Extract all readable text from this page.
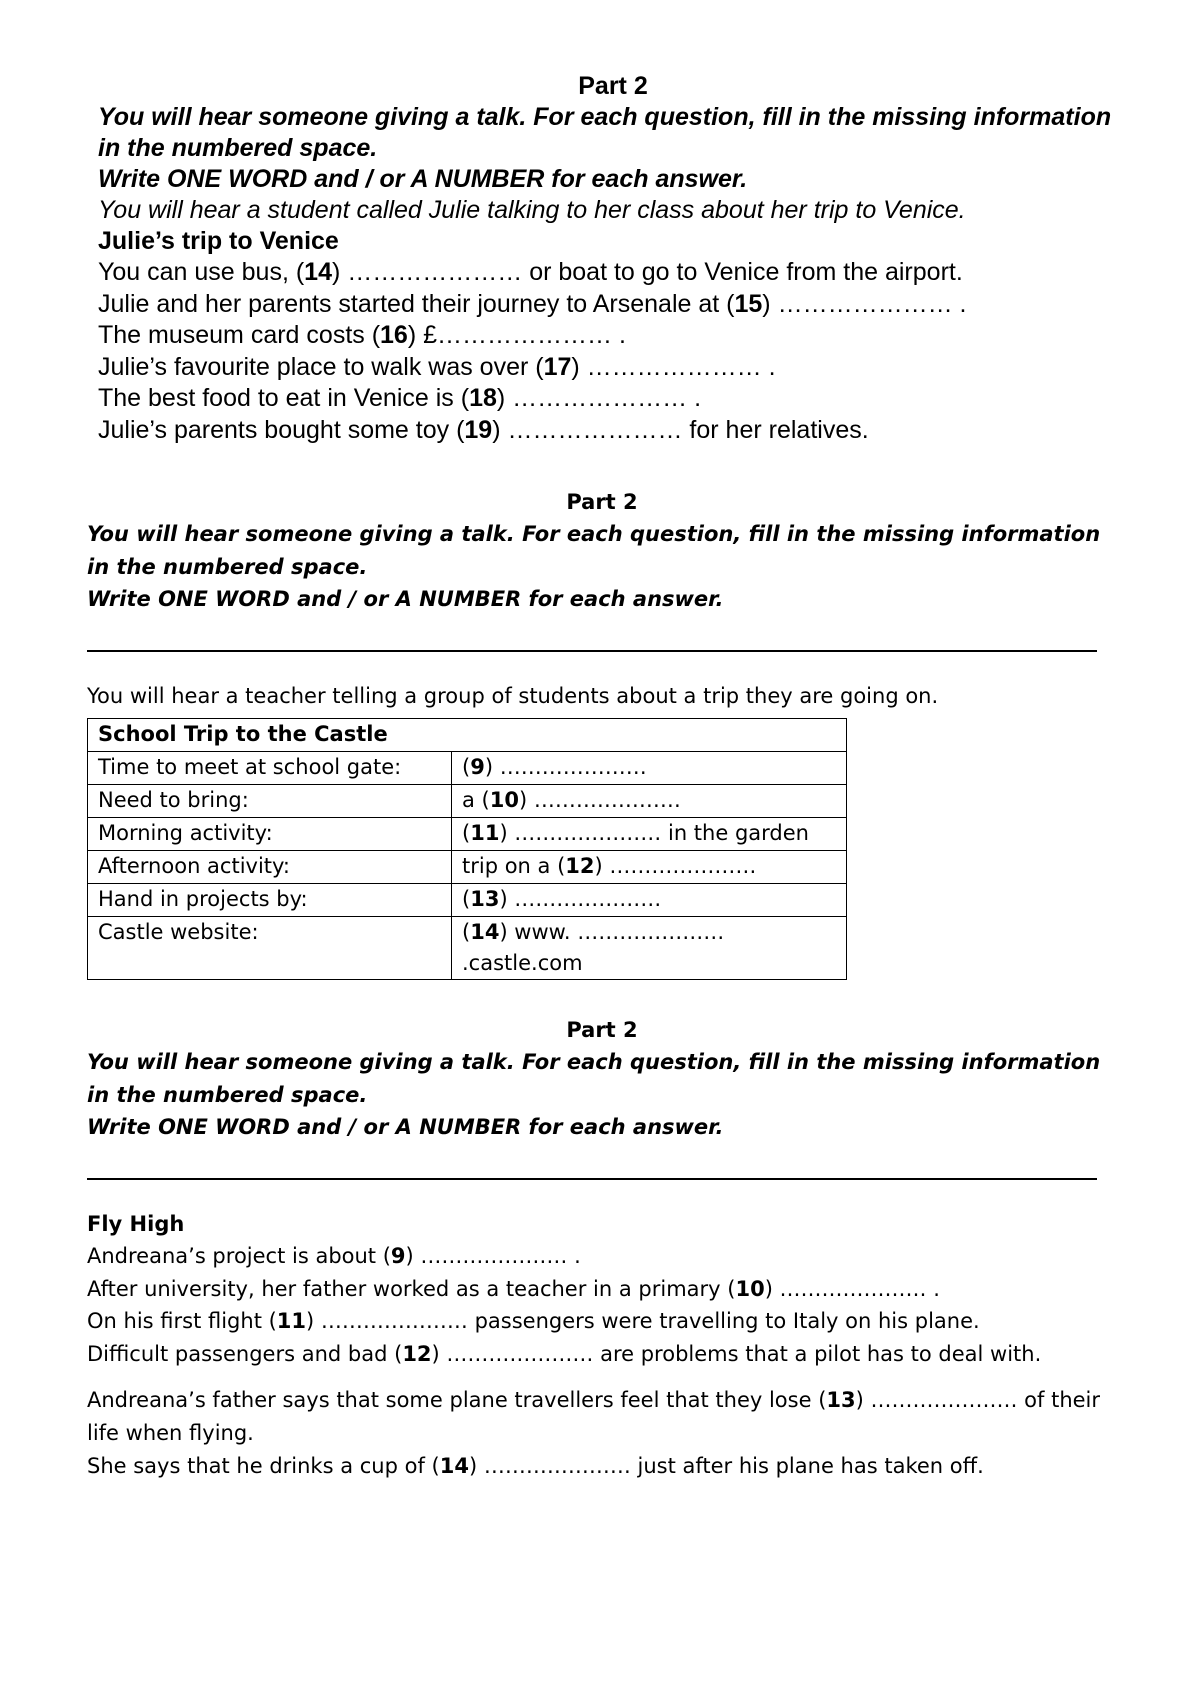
Part 2
You will hear someone giving a talk. For each question, fill in the missing information in the numbered space.
Write ONE WORD and / or A NUMBER for each answer.
You will hear a student called Julie talking to her class about her trip to Venice.
Julie’s trip to Venice
You can use bus, (14) ………………… or boat to go to Venice from the airport.
Julie and her parents started their journey to Arsenale at (15) ………………… .
The museum card costs (16) £………………… .
Julie’s favourite place to walk was over (17) ………………… .
The best food to eat in Venice is (18) ………………… .
Julie’s parents bought some toy (19) ………………… for her relatives.
Part 2
You will hear someone giving a talk. For each question, fill in the missing information in the numbered space.
Write ONE WORD and / or A NUMBER for each answer.
You will hear a teacher telling a group of students about a trip they are going on.
School Trip to the Castle	
Time to meet at school gate:	(9) …………………
Need to bring:	a (10) …………………
Morning activity:	(11) ………………… in the garden
Afternoon activity:	trip on a (12) …………………
Hand in projects by:	(13) …………………
Castle website:	(14) www. …………………
.castle.com
Part 2
You will hear someone giving a talk. For each question, fill in the missing information in the numbered space.
Write ONE WORD and / or A NUMBER for each answer.
Fly High
Andreana’s project is about (9) ………………… .
After university, her father worked as a teacher in a primary (10) ………………… .
On his first flight (11) ………………… passengers were travelling to Italy on his plane.
Difficult passengers and bad (12) ………………… are problems that a pilot has to deal with.
Andreana’s father says that some plane travellers feel that they lose (13) ………………… of their life when flying.
She says that he drinks a cup of (14) ………………… just after his plane has taken off.
